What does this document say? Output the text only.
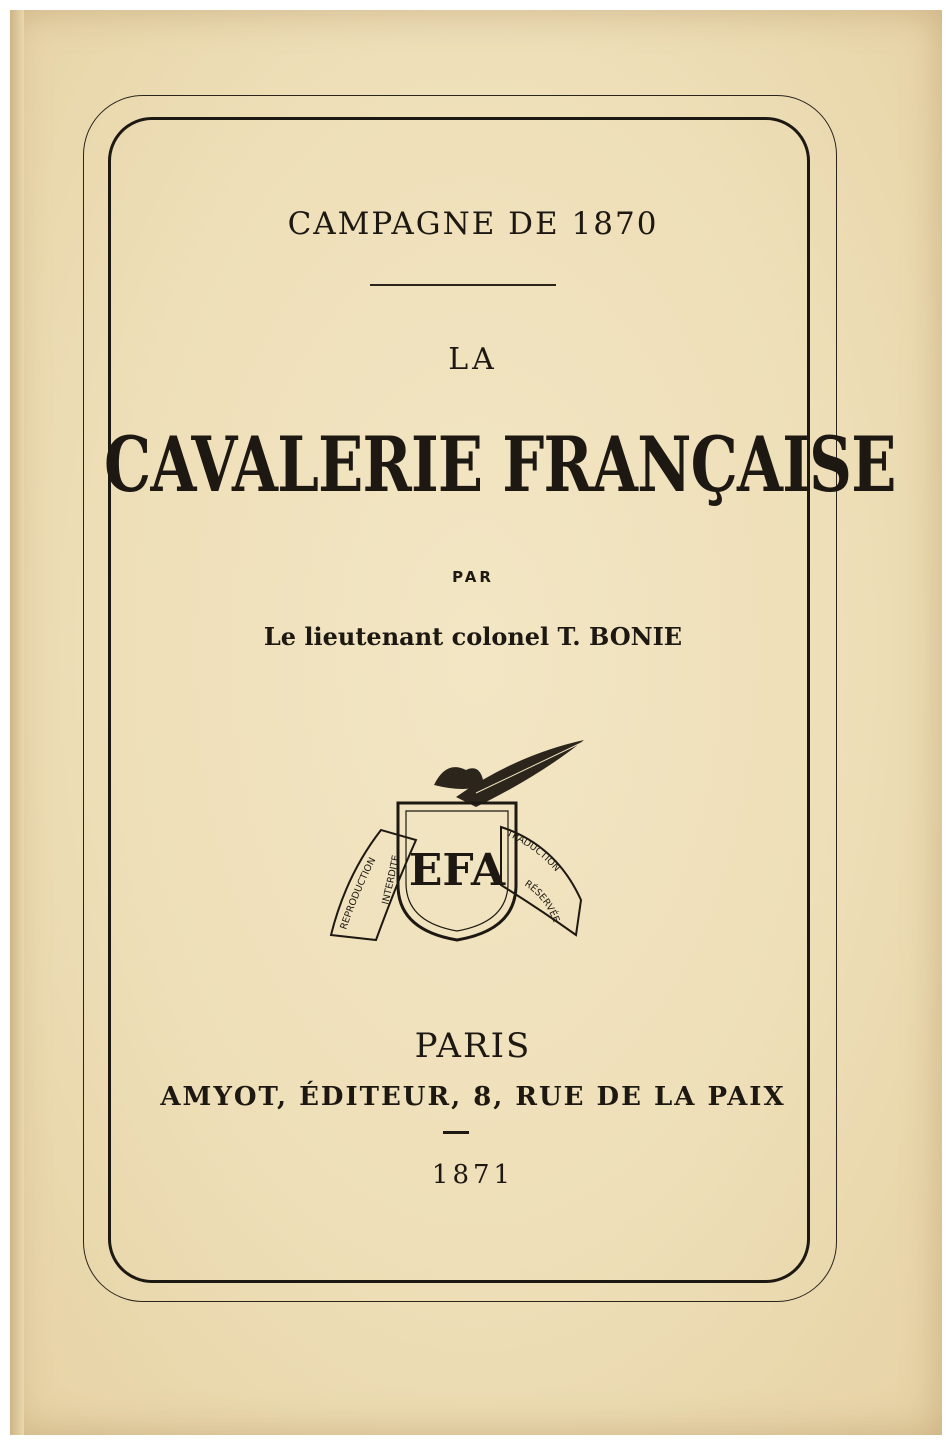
CAMPAGNE DE 1870
LA
CAVALERIE FRANÇAISE
PAR
Le lieutenant colonel T. BONIE
REPRODUCTION
INTERDITE
TRADUCTION
RÉSERVÉE
EFA
PARIS
AMYOT, ÉDITEUR, 8, RUE DE LA PAIX
1871
